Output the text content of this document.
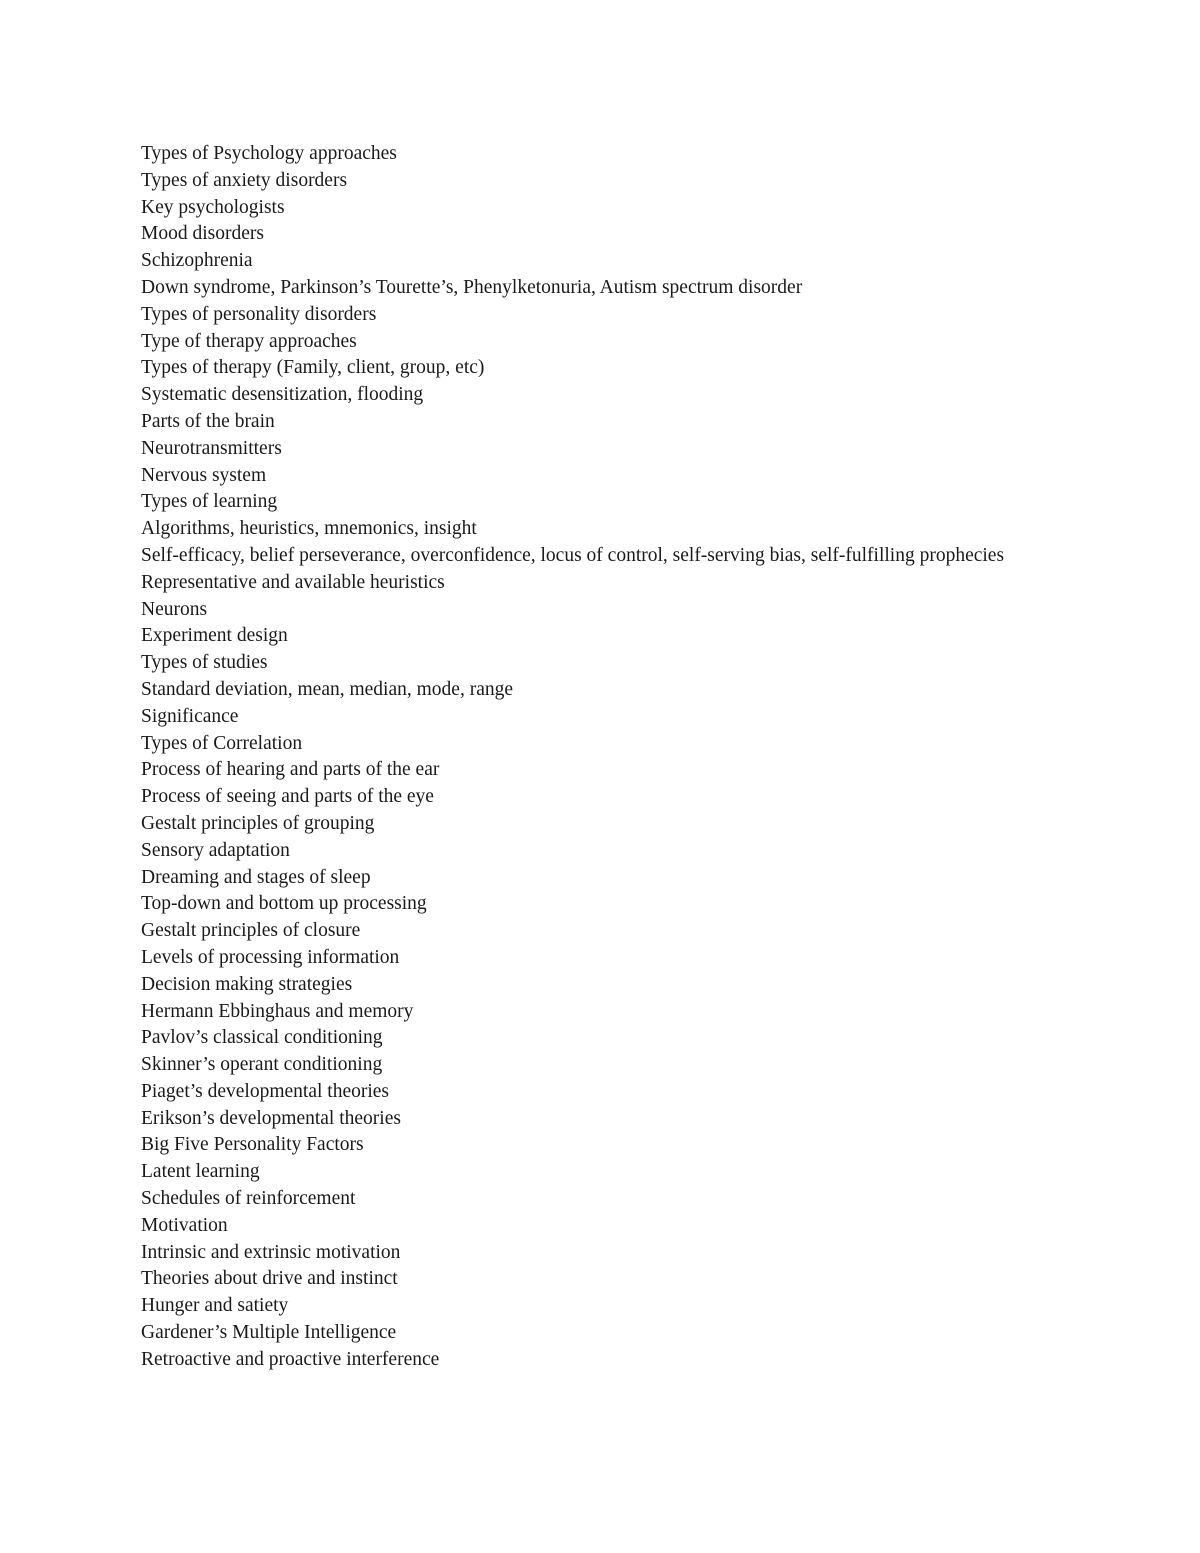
Types of Psychology approaches
Types of anxiety disorders
Key psychologists
Mood disorders
Schizophrenia
Down syndrome, Parkinson’s Tourette’s, Phenylketonuria, Autism spectrum disorder
Types of personality disorders
Type of therapy approaches
Types of therapy (Family, client, group, etc)
Systematic desensitization, flooding
Parts of the brain
Neurotransmitters
Nervous system
Types of learning
Algorithms, heuristics, mnemonics, insight
Self-efficacy, belief perseverance, overconfidence, locus of control, self-serving bias, self-fulfilling prophecies
Representative and available heuristics
Neurons
Experiment design
Types of studies
Standard deviation, mean, median, mode, range
Significance
Types of Correlation
Process of hearing and parts of the ear
Process of seeing and parts of the eye
Gestalt principles of grouping
Sensory adaptation
Dreaming and stages of sleep
Top-down and bottom up processing
Gestalt principles of closure
Levels of processing information
Decision making strategies
Hermann Ebbinghaus and memory
Pavlov’s classical conditioning
Skinner’s operant conditioning
Piaget’s developmental theories
Erikson’s developmental theories
Big Five Personality Factors
Latent learning
Schedules of reinforcement
Motivation
Intrinsic and extrinsic motivation
Theories about drive and instinct
Hunger and satiety
Gardener’s Multiple Intelligence
Retroactive and proactive interference
